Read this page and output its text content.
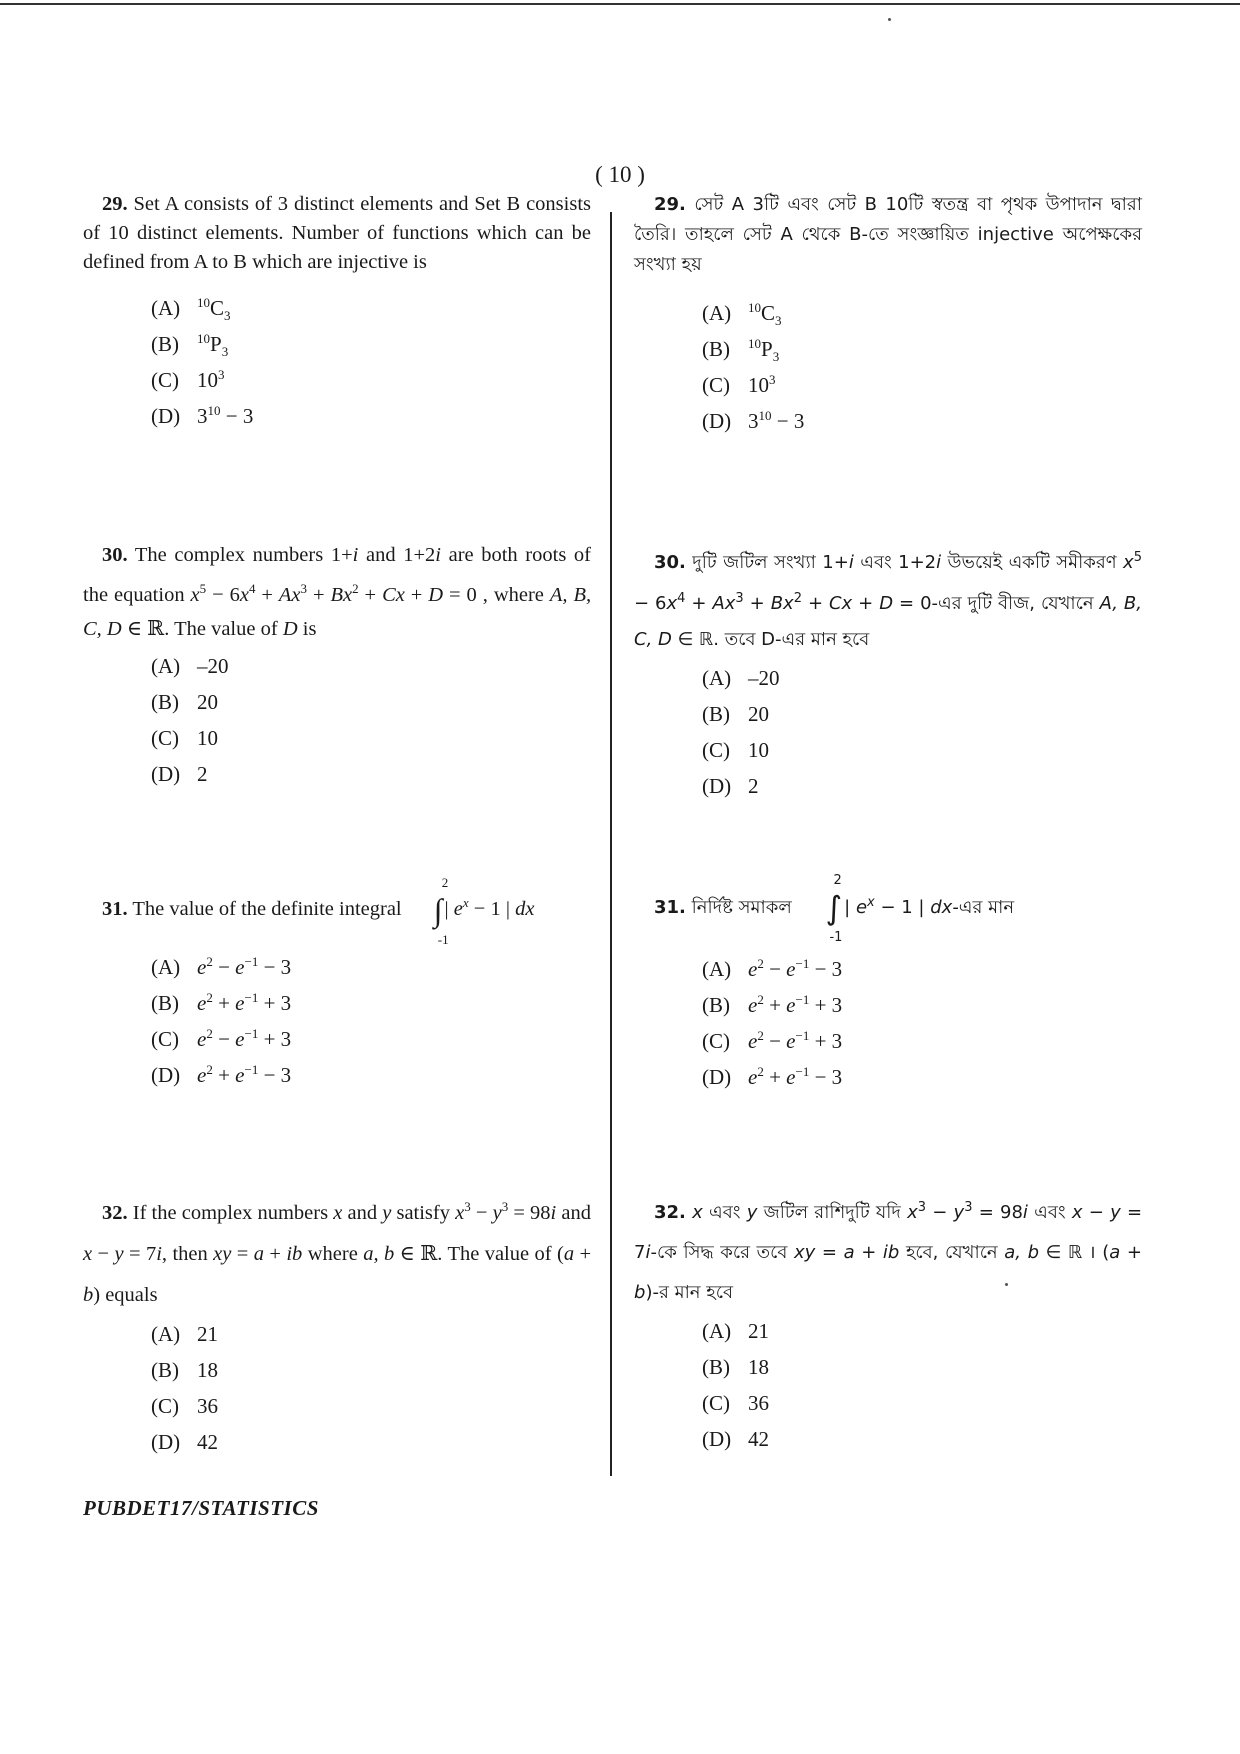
( 10 )

29. Set A consists of 3 distinct elements and Set B consists of 10 distinct elements. Number of functions which can be defined from A to B which are injective is

(A) $^{10}C_3$
(B) $^{10}P_3$
(C) $10^3$
(D) $3^{10} - 3$

30. The complex numbers 1+i and 1+2i are both roots of the equation $x^5 - 6x^4 + Ax^3 + Bx^2 + Cx + D = 0$ , where A, B, C, D ∈ ℝ. The value of D is

(A) –20
(B) 20
(C) 10
(D) 2

31. The value of the definite integral ∫
2
-1
| $e^x - 1$ | dx

(A) $e^2 - e^{-1} - 3$
(B) $e^2 + e^{-1} + 3$
(C) $e^2 - e^{-1} + 3$
(D) $e^2 + e^{-1} - 3$

32. If the complex numbers x and y satisfy $x^3 - y^3 = 98i$ and x − y = 7i, then xy = a + ib where a, b ∈ ℝ. The value of (a + b) equals

(A) 21
(B) 18
(C) 36
(D) 42

29. সেট A 3টি এবং সেট B 10টি স্বতন্ত্র বা পৃথক উপাদান দ্বারা তৈরি। তাহলে সেট A থেকে B-তে সংজ্ঞায়িত injective অপেক্ষকের সংখ্যা হয়

(A) $^{10}C_3$
(B) $^{10}P_3$
(C) $10^3$
(D) $3^{10} - 3$

30. দুটি জটিল সংখ্যা 1+i এবং 1+2i উভয়েই একটি সমীকরণ $x^5 - 6x^4 + Ax^3 + Bx^2 + Cx + D$ = 0-এর দুটি বীজ, যেখানে A, B, C, D ∈ ℝ. তবে D-এর মান হবে

(A) –20
(B) 20
(C) 10
(D) 2

31. নির্দিষ্ট সমাকল ∫
2
-1
| $e^x - 1$ | dx-এর মান

(A) $e^2 - e^{-1} - 3$
(B) $e^2 + e^{-1} + 3$
(C) $e^2 - e^{-1} + 3$
(D) $e^2 + e^{-1} - 3$

32. x এবং y জটিল রাশিদুটি যদি $x^3 - y^3 = 98i$ এবং x − y = 7i-কে সিদ্ধ করে তবে xy = a + ib হবে, যেখানে a, b ∈ ℝ । (a + b)-র মান হবে

(A) 21
(B) 18
(C) 36
(D) 42
PUBDET17/STATISTICS
